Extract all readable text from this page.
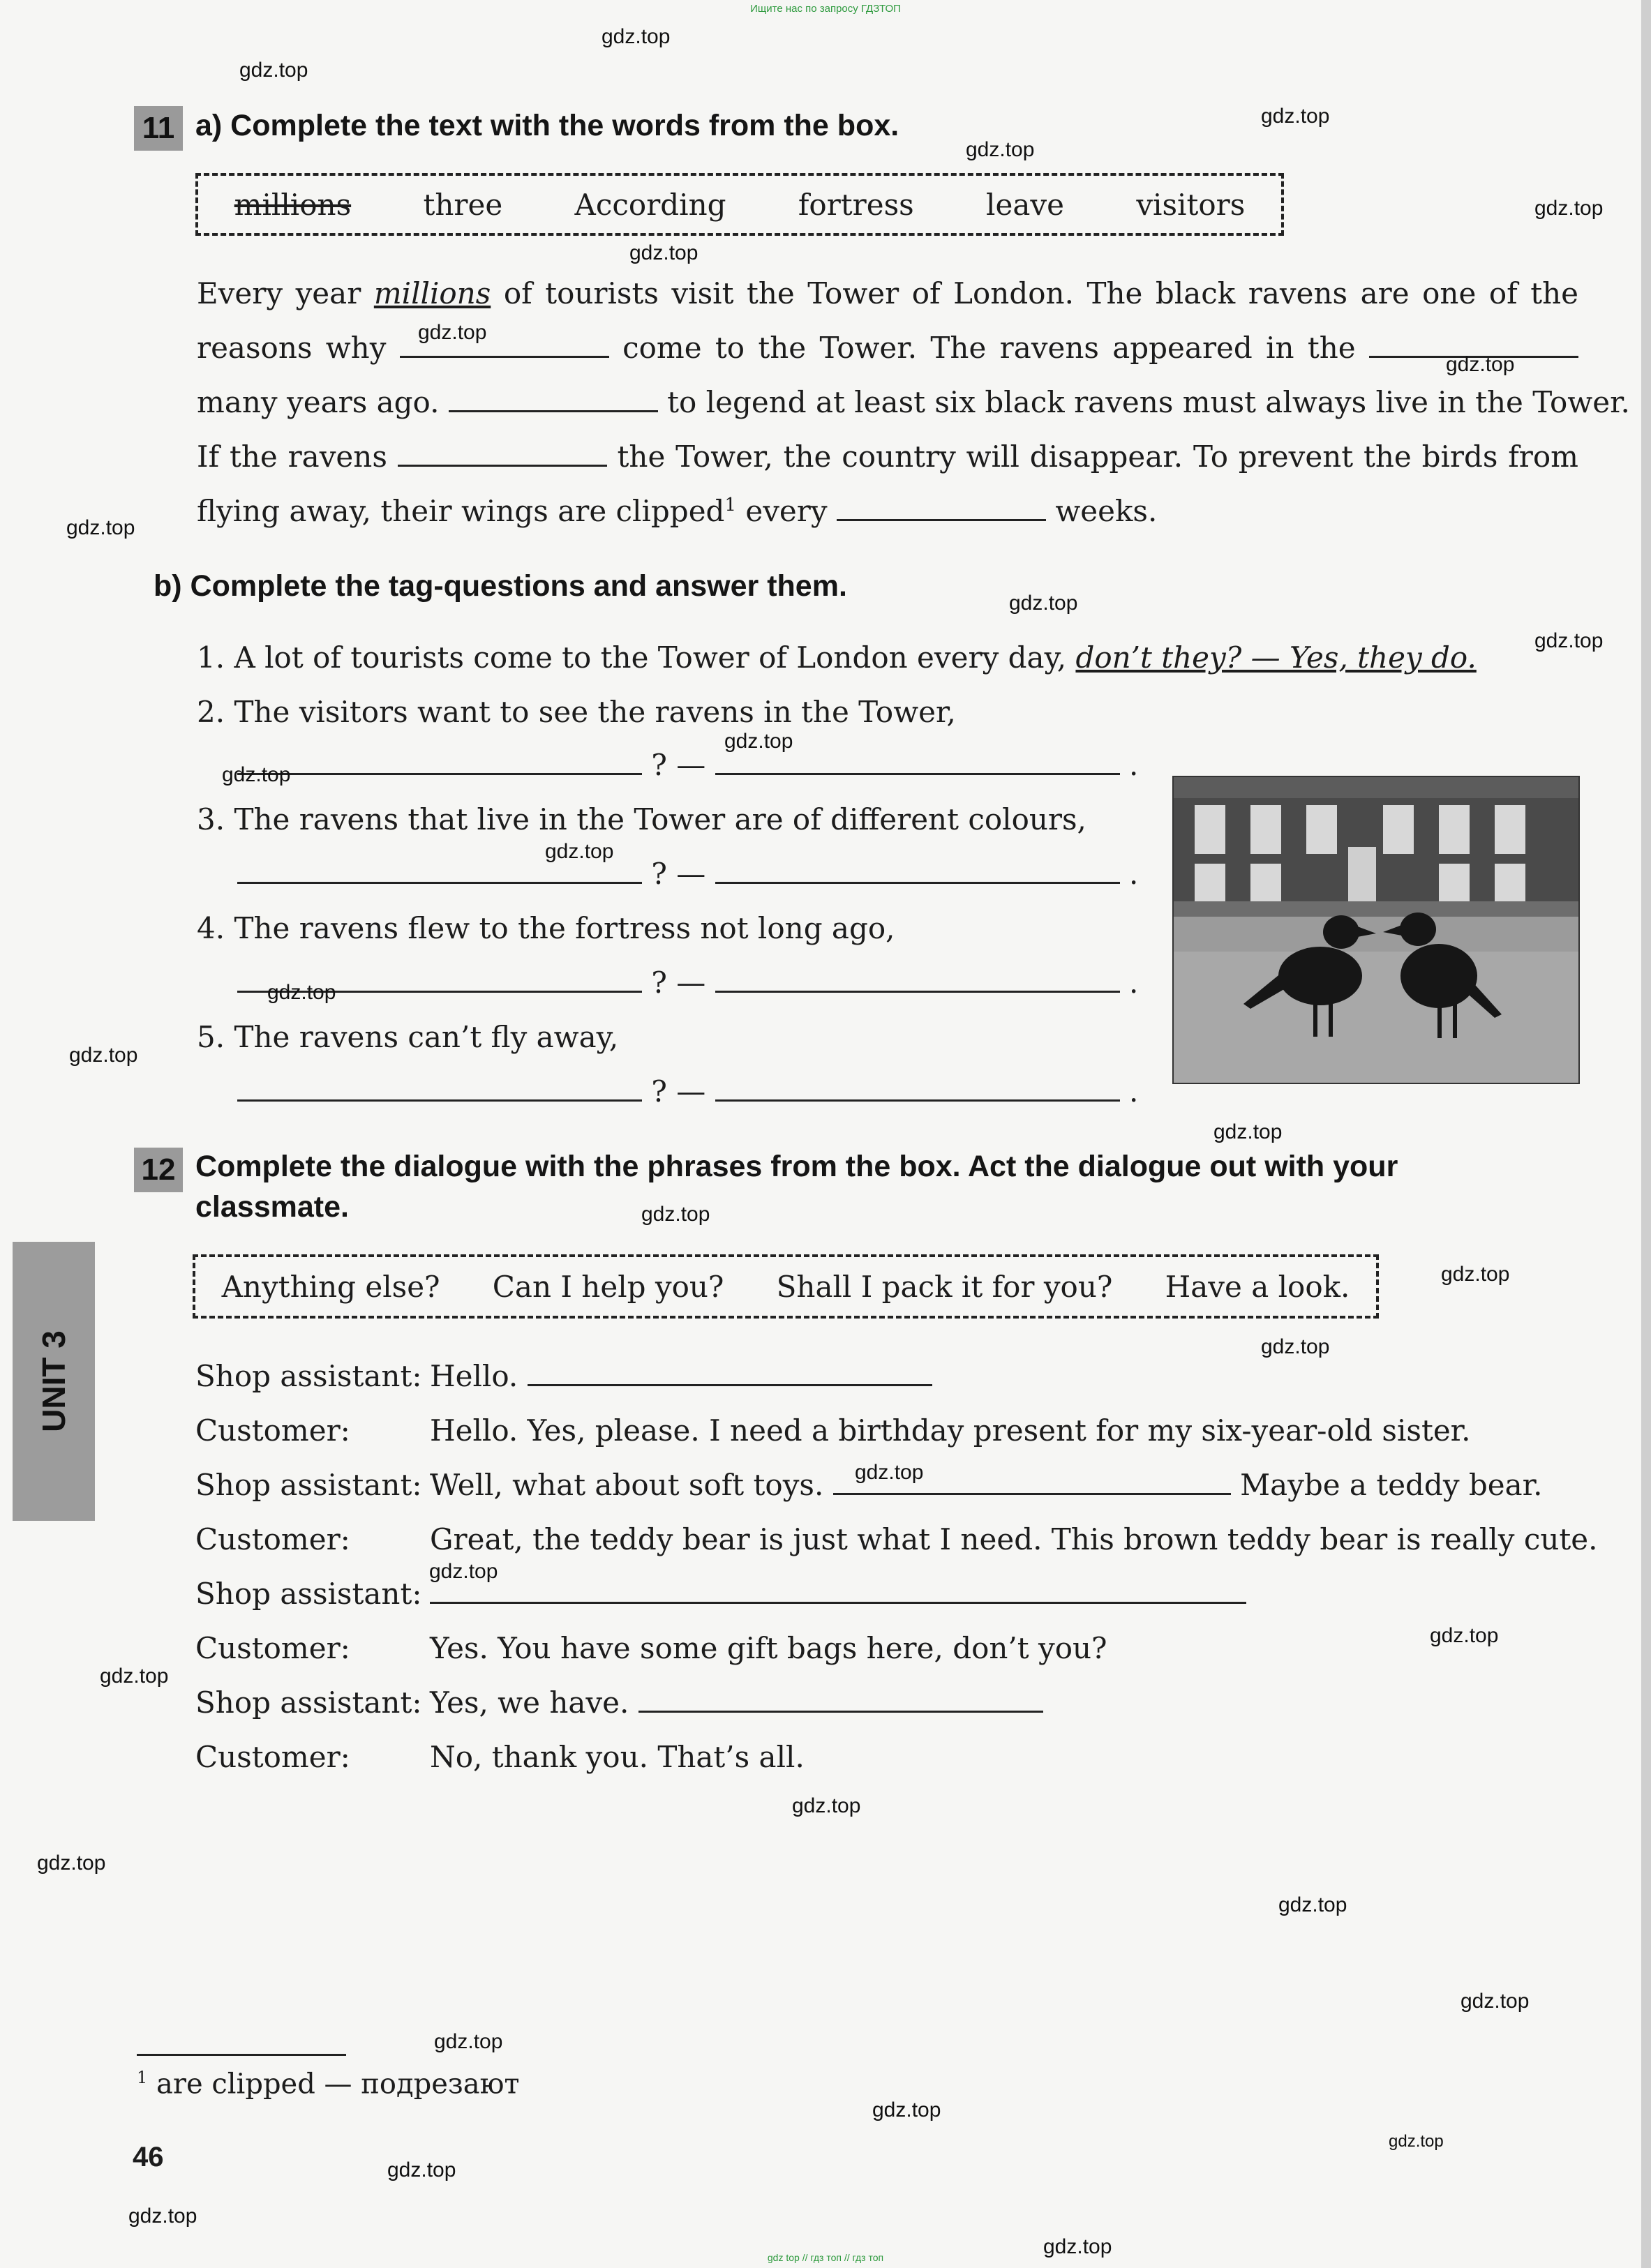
Ищите нас по запросу ГДЗТОП
11 a) Complete the text with the words from the box.
millions three According fortress leave visitors
Every year millions of tourists visit the Tower of London. The black ravens are one of the
reasons why	come to the Tower. The ravens appeared in the
many years ago.	to legend at least six black ravens must always live in the Tower.
If the ravens	the Tower, the country will disappear. To prevent the birds from
flying away, their wings are clipped$^1$ every	weeks.
b) Complete the tag-questions and answer them.
1. A lot of tourists come to the Tower of London every day, don’t they? — Yes, they do.
2. The visitors want to see the ravens in the Tower,
? —	.
3. The ravens that live in the Tower are of different colours,
? —	.
4. The ravens flew to the fortress not long ago,
? —	.
5. The ravens can’t fly away,
? —	.
12 Complete the dialogue with the phrases from the box. Act the dialogue out with your
classmate.
Anything else? Can I help you? Shall I pack it for you? Have a look.
Shop assistant: Hello.
Customer:	Hello. Yes, please. I need a birthday present for my six-year-old sister.
Shop assistant: Well, what about soft toys.	Maybe a teddy bear.
Customer:	Great, the teddy bear is just what I need. This brown teddy bear is really cute.
Shop assistant:
Customer:	Yes. You have some gift bags here, don’t you?
Shop assistant: Yes, we have.
Customer:	No, thank you. That’s all.
UNIT 3
$^1$ are clipped — подрезают
46
gdz.top
gdz.top
gdz.top
gdz.top
gdz.top
gdz.top
gdz.top
gdz.top
gdz.top
gdz.top
gdz.top
gdz.top
gdz.top
gdz.top
gdz.top
gdz.top
gdz.top
gdz.top
gdz.top
gdz.top
gdz.top
gdz.top
gdz.top
gdz.top
gdz.top
gdz.top
gdz.top
gdz.top
gdz.top
gdz.top
gdz.top
gdz.top
gdz.top
gdz.top
gdz top // гдз топ // гдз топ
